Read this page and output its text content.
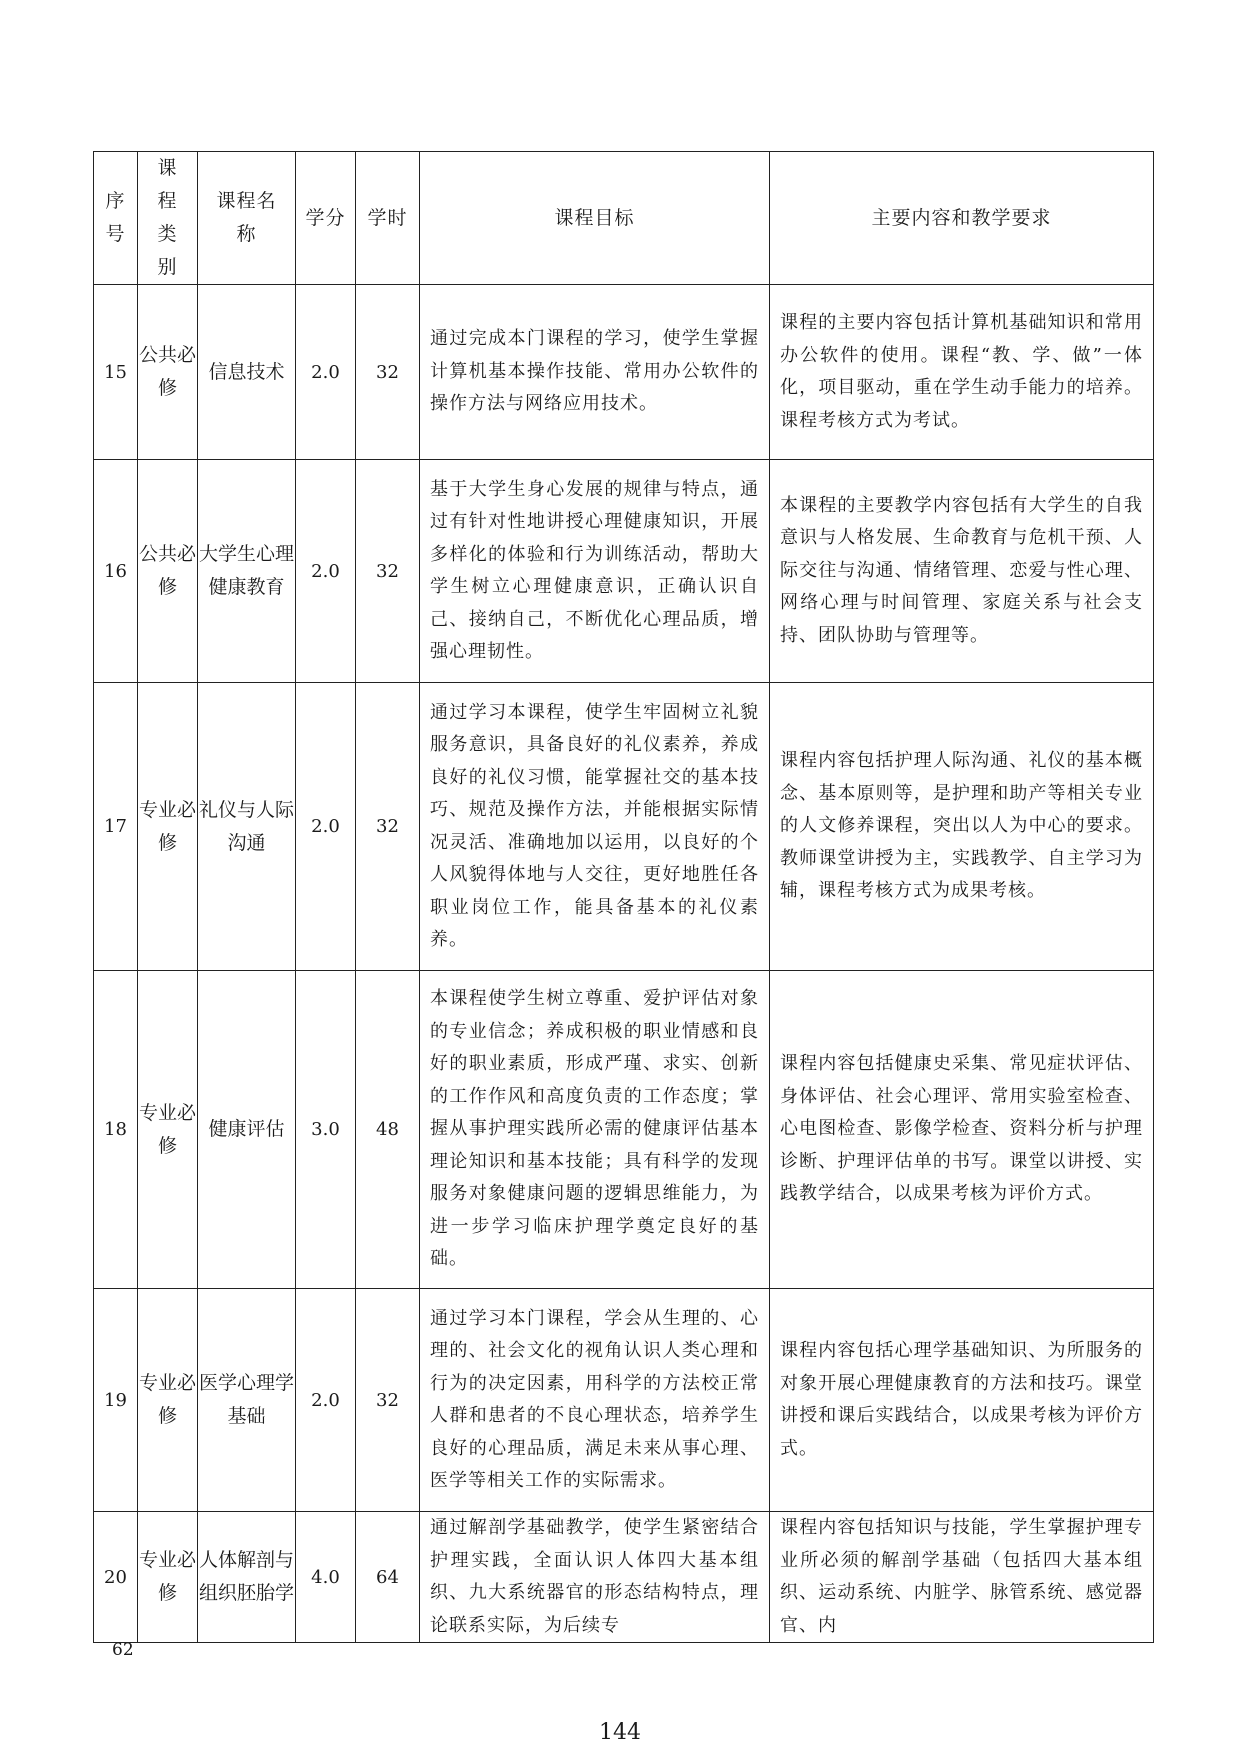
序号	课程类别	课程名称	学分	学时	课程目标	主要内容和教学要求
15	公共必修	信息技术	2.0	32	通过完成本门课程的学习，使学生掌握计算机基本操作技能、常用办公软件的操作方法与网络应用技术。	课程的主要内容包括计算机基础知识和常用办公软件的使用。课程“教、学、做”一体化，项目驱动，重在学生动手能力的培养。课程考核方式为考试。
16	公共必修	大学生心理健康教育	2.0	32	基于大学生身心发展的规律与特点，通过有针对性地讲授心理健康知识，开展多样化的体验和行为训练活动，帮助大学生树立心理健康意识，正确认识自己、接纳自己，不断优化心理品质，增强心理韧性。	本课程的主要教学内容包括有大学生的自我意识与人格发展、生命教育与危机干预、人际交往与沟通、情绪管理、恋爱与性心理、网络心理与时间管理、家庭关系与社会支持、团队协助与管理等。
17	专业必修	礼仪与人际沟通	2.0	32	通过学习本课程，使学生牢固树立礼貌服务意识，具备良好的礼仪素养，养成良好的礼仪习惯，能掌握社交的基本技巧、规范及操作方法，并能根据实际情况灵活、准确地加以运用，以良好的个人风貌得体地与人交往，更好地胜任各职业岗位工作，能具备基本的礼仪素养。	课程内容包括护理人际沟通、礼仪的基本概念、基本原则等，是护理和助产等相关专业的人文修养课程，突出以人为中心的要求。教师课堂讲授为主，实践教学、自主学习为辅，课程考核方式为成果考核。
18	专业必修	健康评估	3.0	48	本课程使学生树立尊重、爱护评估对象的专业信念；养成积极的职业情感和良好的职业素质，形成严瑾、求实、创新的工作作风和高度负责的工作态度；掌握从事护理实践所必需的健康评估基本理论知识和基本技能；具有科学的发现服务对象健康问题的逻辑思维能力，为进一步学习临床护理学奠定良好的基础。	课程内容包括健康史采集、常见症状评估、身体评估、社会心理评、常用实验室检查、心电图检查、影像学检查、资料分析与护理诊断、护理评估单的书写。课堂以讲授、实践教学结合，以成果考核为评价方式。
19	专业必修	医学心理学基础	2.0	32	通过学习本门课程，学会从生理的、心理的、社会文化的视角认识人类心理和行为的决定因素，用科学的方法校正常人群和患者的不良心理状态，培养学生良好的心理品质，满足未来从事心理、医学等相关工作的实际需求。	课程内容包括心理学基础知识、为所服务的对象开展心理健康教育的方法和技巧。课堂讲授和课后实践结合，以成果考核为评价方式。
20	专业必修	人体解剖与组织胚胎学	4.0	64	通过解剖学基础教学，使学生紧密结合护理实践，全面认识人体四大基本组织、九大系统器官的形态结构特点，理论联系实际，为后续专	课程内容包括知识与技能，学生掌握护理专业所必须的解剖学基础（包括四大基本组织、运动系统、内脏学、脉管系统、感觉器官、内
62
144
